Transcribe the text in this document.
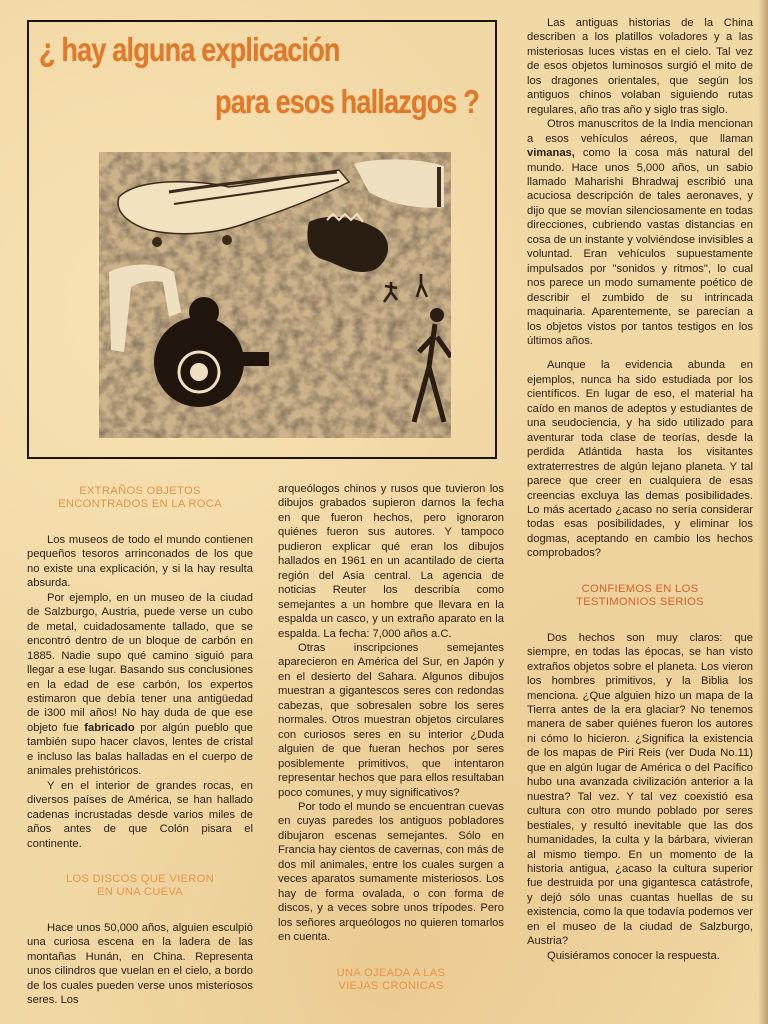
¿ hay alguna explicación
para esos hallazgos ?
EXTRAÑOS OBJETOS
ENCONTRADOS EN LA ROCA

Los museos de todo el mundo contienen pequeños tesoros arrinconados de los que no existe una explicación, y si la hay resulta absurda.

Por ejemplo, en un museo de la ciudad de Salzburgo, Austria, puede verse un cubo de metal, cuidadosamente tallado, que se encontró dentro de un bloque de carbón en 1885. Nadie supo qué camino siguió para llegar a ese lugar. Basando sus conclusiones en la edad de ese carbón, los expertos estimaron que debía tener una antigüedad de i300 mil años! No hay duda de que ese objeto fue fabricado por algún pueblo que también supo hacer clavos, lentes de cristal e incluso las balas halladas en el cuerpo de animales prehistóricos.

Y en el interior de grandes rocas, en diversos países de América, se han hallado cadenas incrustadas desde varios miles de años antes de que Colón pisara el continente.

LOS DISCOS QUE VIERON
EN UNA CUEVA

Hace unos 50,000 años, alguien esculpió una curiosa escena en la ladera de las montañas Hunán, en China. Representa unos cilindros que vuelan en el cielo, a bordo de los cuales pueden verse unos misteriosos seres. Los

arqueólogos chinos y rusos que tuvieron los dibujos grabados supieron darnos la fecha en que fueron hechos, pero ignoraron quiénes fueron sus autores. Y tampoco pudieron explicar qué eran los dibujos hallados en 1961 en un acantilado de cierta región del Asia central. La agencia de noticias Reuter los describía como semejantes a un hombre que llevara en la espalda un casco, y un extraño aparato en la espalda. La fecha: 7,000 años a.C.

Otras inscripciones semejantes aparecieron en América del Sur, en Japón y en el desierto del Sahara. Algunos dibujos muestran a gigantescos seres con redondas cabezas, que sobresalen sobre los seres normales. Otros muestran objetos circulares con curiosos seres en su interior ¿Duda alguien de que fueran hechos por seres posiblemente primitivos, que intentaron representar hechos que para ellos resultaban poco comunes, y muy significativos?

Por todo el mundo se encuentran cuevas en cuyas paredes los antiguos pobladores dibujaron escenas semejantes. Sólo en Francia hay cientos de cavernas, con más de dos mil animales, entre los cuales surgen a veces aparatos sumamente misteriosos. Los hay de forma ovalada, o con forma de discos, y a veces sobre unos trípodes. Pero los señores arqueólogos no quieren tomarlos en cuenta.

UNA OJEADA A LAS
VIEJAS CRONICAS

Las antiguas historias de la China describen a los platillos voladores y a las misteriosas luces vistas en el cielo. Tal vez de esos objetos luminosos surgió el mito de los dragones orientales, que según los antiguos chinos volaban siguiendo rutas regulares, año tras año y siglo tras siglo.

Otros manuscritos de la India mencionan a esos vehículos aéreos, que llaman vimanas, como la cosa más natural del mundo. Hace unos 5,000 años, un sabio llamado Maharishi Bhradwaj escribió una acuciosa descripción de tales aeronaves, y dijo que se movían silenciosamente en todas direcciones, cubriendo vastas distancias en cosa de un instante y volviéndose invisibles a voluntad. Eran vehículos supuestamente impulsados por "sonidos y ritmos", lo cual nos parece un modo sumamente poético de describir el zumbido de su intrincada maquinaria. Aparentemente, se parecían a los objetos vistos por tantos testigos en los últimos años.

Aunque la evidencia abunda en ejemplos, nunca ha sido estudiada por los científicos. En lugar de eso, el material ha caído en manos de adeptos y estudiantes de una seudociencia, y ha sido utilizado para aventurar toda clase de teorías, desde la perdida Atlántida hasta los visitantes extraterrestres de algún lejano planeta. Y tal parece que creer en cualquiera de esas creencias excluya las demas posibilidades. Lo más acertado ¿acaso no sería considerar todas esas posibilidades, y eliminar los dogmas, aceptando en cambio los hechos comprobados?

CONFIEMOS EN LOS
TESTIMONIOS SERIOS

Dos hechos son muy claros: que siempre, en todas las épocas, se han visto extraños objetos sobre el planeta. Los vieron los hombres primitivos, y la Biblia los menciona. ¿Que alguien hizo un mapa de la Tierra antes de la era glaciar? No tenemos manera de saber quiénes fueron los autores ni cómo lo hicieron. ¿Significa la existencia de los mapas de Piri Reis (ver Duda No.11) que en algún lugar de América o del Pacífico hubo una avanzada civilización anterior a la nuestra? Tal vez. Y tal vez coexistió esa cultura con otro mundo poblado por seres bestiales, y resultó inevitable que las dos humanidades, la culta y la bárbara, vivieran al mismo tiempo. En un momento de la historia antigua, ¿acaso la cultura superior fue destruida por una gigantesca catástrofe, y dejó sólo unas cuantas huellas de su existencia, como la que todavía podemos ver en el museo de la ciudad de Salzburgo, Austria?

Quisiéramos conocer la respuesta.
